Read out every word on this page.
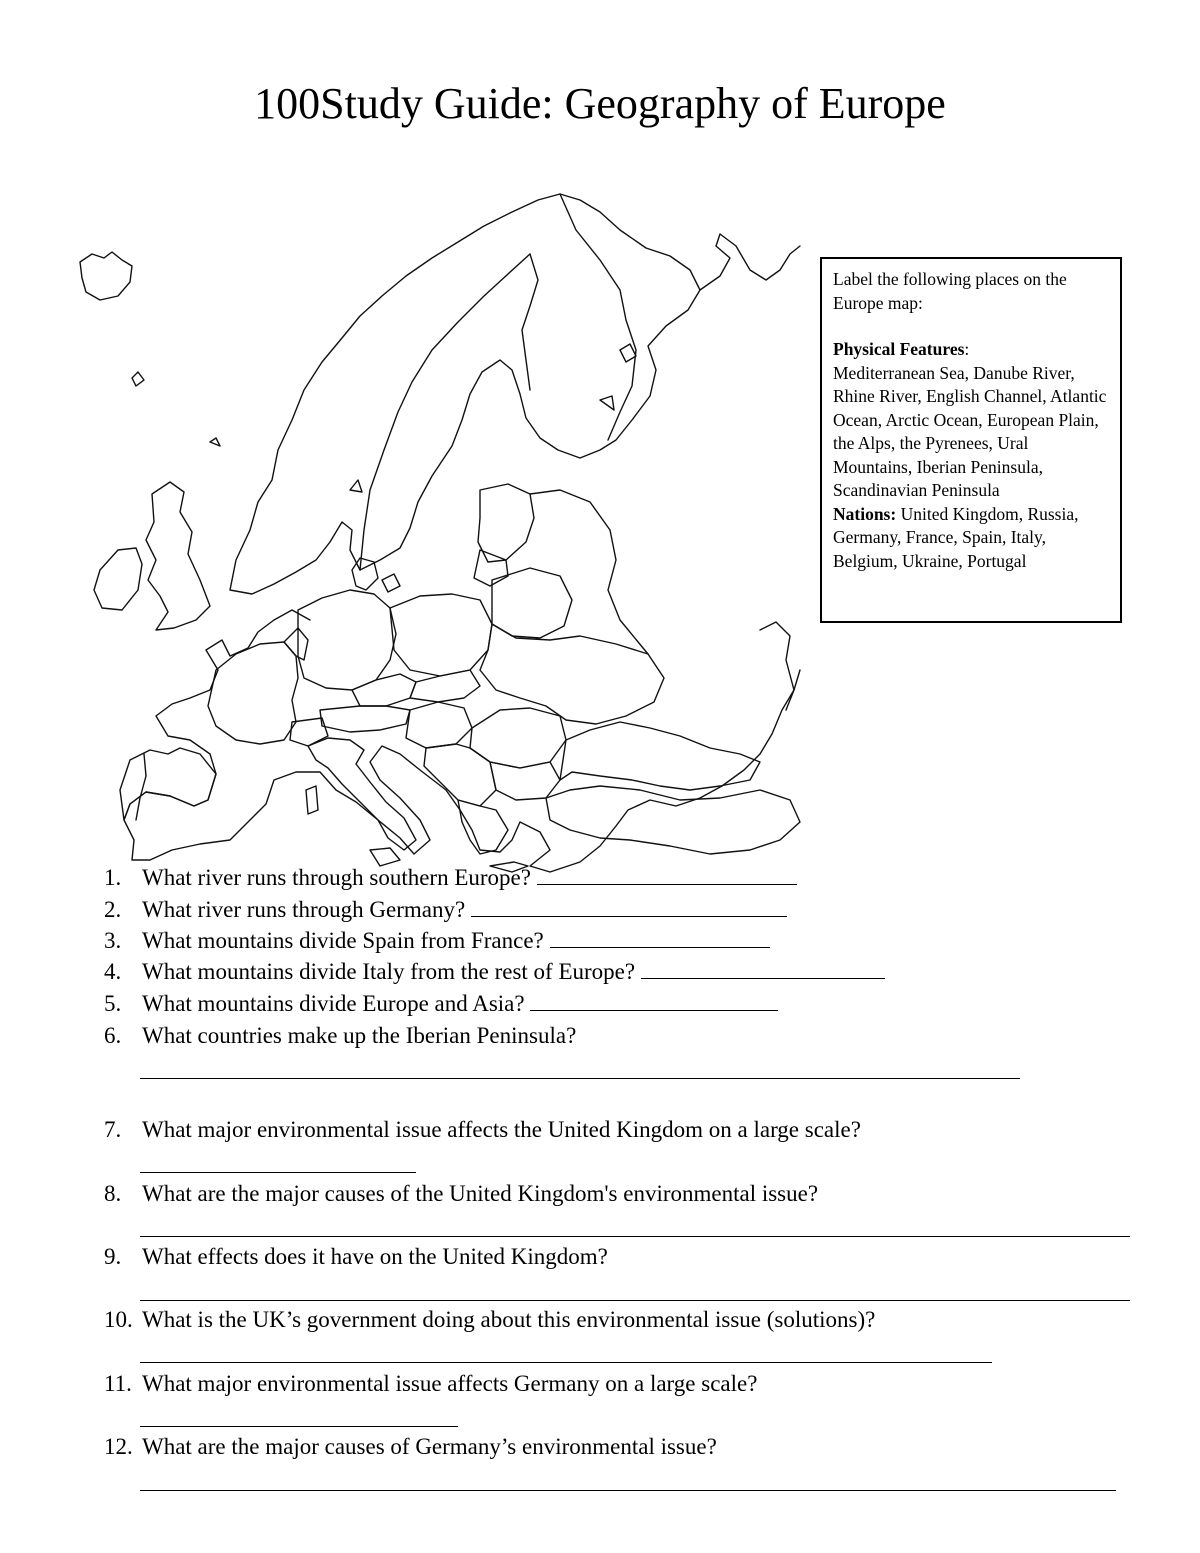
100Study Guide: Geography of Europe

Label the following places on the Europe map:

Physical Features:

Mediterranean Sea, Danube River, Rhine River, English Channel, Atlantic Ocean, Arctic Ocean, European Plain, the Alps, the Pyrenees, Ural Mountains, Iberian Peninsula, Scandinavian Peninsula

Nations: United Kingdom, Russia, Germany, France, Spain, Italy, Belgium, Ukraine, Portugal

1. What river runs through southern Europe?
2. What river runs through Germany?
3. What mountains divide Spain from France?
4. What mountains divide Italy from the rest of Europe?
5. What mountains divide Europe and Asia?
6. What countries make up the Iberian Peninsula?
7. What major environmental issue affects the United Kingdom on a large scale?
8. What are the major causes of the United Kingdom's environmental issue?
9. What effects does it have on the United Kingdom?
10. What is the UK’s government doing about this environmental issue (solutions)?
11. What major environmental issue affects Germany on a large scale?
12. What are the major causes of Germany’s environmental issue?
